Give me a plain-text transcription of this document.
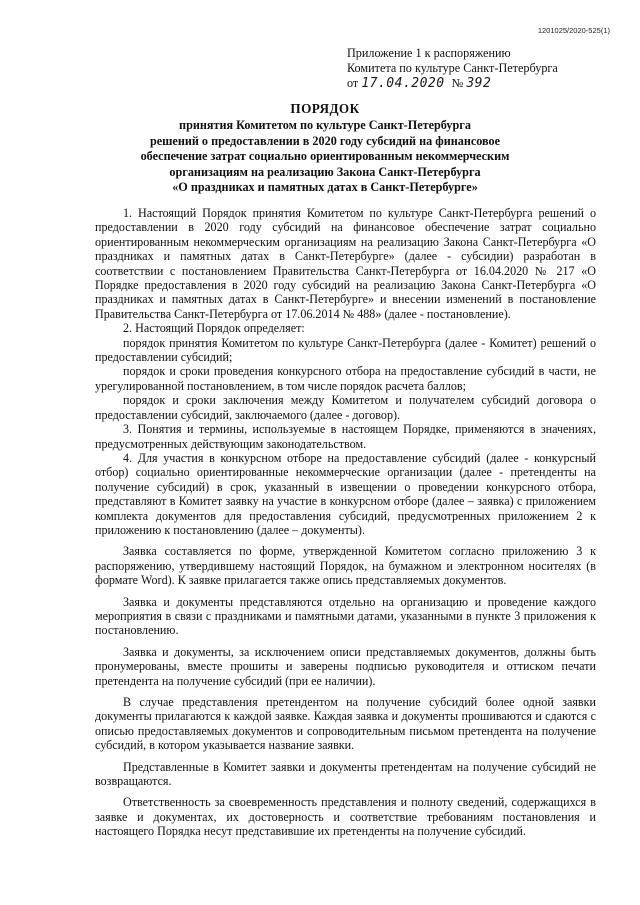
1201025/2020-525(1)
Приложение 1 к распоряжению
Комитета по культуре Санкт-Петербурга
от 17.04.2020 № 392
ПОРЯДОК
принятия Комитетом по культуре Санкт-Петербурга
решений о предоставлении в 2020 году субсидий на финансовое
обеспечение затрат социально ориентированным некоммерческим
организациям на реализацию Закона Санкт-Петербурга
«О праздниках и памятных датах в Санкт-Петербурге»

1. Настоящий Порядок принятия Комитетом по культуре Санкт-Петербурга решений о предоставлении в 2020 году субсидий на финансовое обеспечение затрат социально ориентированным некоммерческим организациям на реализацию Закона Санкт-Петербурга «О праздниках и памятных датах в Санкт-Петербурге» (далее - субсидии) разработан в соответствии с постановлением Правительства Санкт-Петербурга от 16.04.2020 № 217 «О Порядке предоставления в 2020 году субсидий на реализацию Закона Санкт-Петербурга «О праздниках и памятных датах в Санкт-Петербурге» и внесении изменений в постановление Правительства Санкт-Петербурга от 17.06.2014 № 488» (далее - постановление).

2. Настоящий Порядок определяет:

порядок принятия Комитетом по культуре Санкт-Петербурга (далее - Комитет) решений о предоставлении субсидий;

порядок и сроки проведения конкурсного отбора на предоставление субсидий в части, не урегулированной постановлением, в том числе порядок расчета баллов;

порядок и сроки заключения между Комитетом и получателем субсидий договора о предоставлении субсидий, заключаемого (далее - договор).

3. Понятия и термины, используемые в настоящем Порядке, применяются в значениях, предусмотренных действующим законодательством.

4. Для участия в конкурсном отборе на предоставление субсидий (далее - конкурсный отбор) социально ориентированные некоммерческие организации (далее - претенденты на получение субсидий) в срок, указанный в извещении о проведении конкурсного отбора, представляют в Комитет заявку на участие в конкурсном отборе (далее – заявка) с приложением комплекта документов для предоставления субсидий, предусмотренных приложением 2 к приложению к постановлению (далее – документы).

Заявка составляется по форме, утвержденной Комитетом согласно приложению 3 к распоряжению, утвердившему настоящий Порядок, на бумажном и электронном носителях (в формате Word). К заявке прилагается также опись представляемых документов.

Заявка и документы представляются отдельно на организацию и проведение каждого мероприятия в связи с праздниками и памятными датами, указанными в пункте 3 приложения к постановлению.

Заявка и документы, за исключением описи представляемых документов, должны быть пронумерованы, вместе прошиты и заверены подписью руководителя и оттиском печати претендента на получение субсидий (при ее наличии).

В случае представления претендентом на получение субсидий более одной заявки документы прилагаются к каждой заявке. Каждая заявка и документы прошиваются и сдаются с описью предоставляемых документов и сопроводительным письмом претендента на получение субсидий, в котором указывается название заявки.

Представленные в Комитет заявки и документы претендентам на получение субсидий не возвращаются.

Ответственность за своевременность представления и полноту сведений, содержащихся в заявке и документах, их достоверность и соответствие требованиям постановления и настоящего Порядка несут представившие их претенденты на получение субсидий.
